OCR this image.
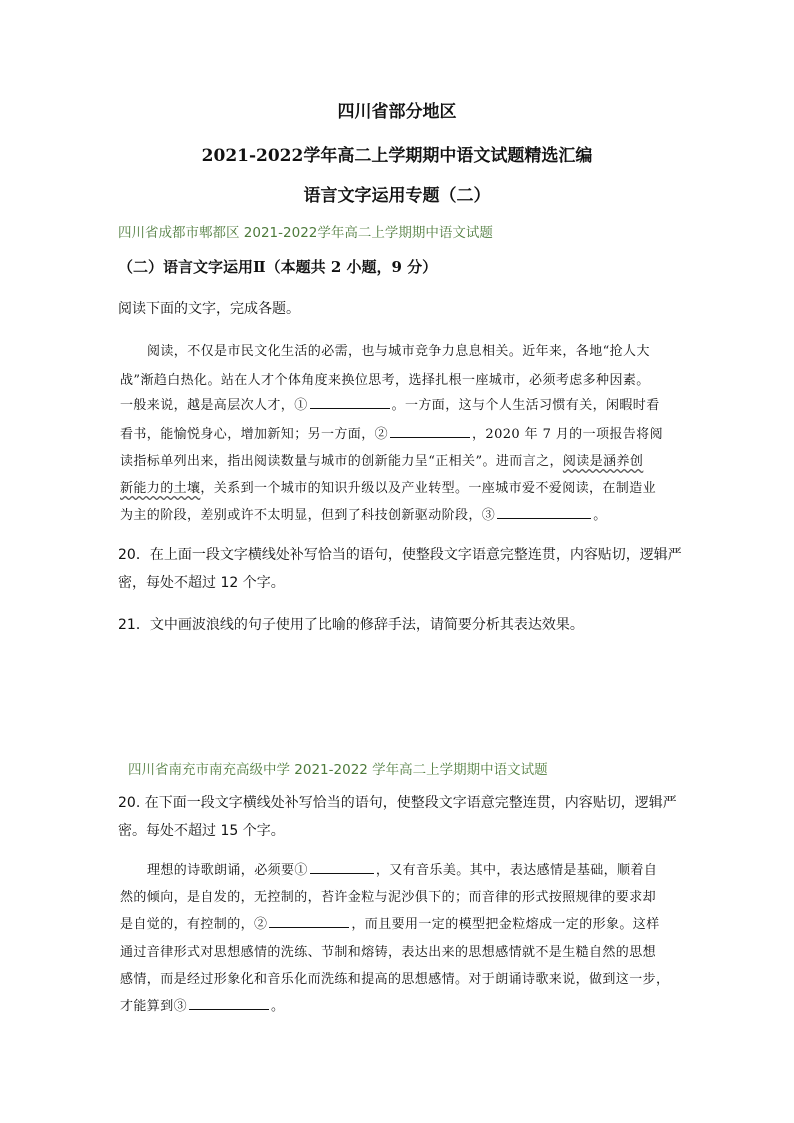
四川省部分地区
2021-2022学年高二上学期期中语文试题精选汇编
语言文字运用专题（二）
四川省成都市郫都区 2021-2022学年高二上学期期中语文试题
（二）语言文字运用Ⅱ（本题共 2 小题，9 分）
阅读下面的文字，完成各题。
阅读，不仅是市民文化生活的必需，也与城市竞争力息息相关。近年来，各地“抢人大
战”渐趋白热化。站在人才个体角度来换位思考，选择扎根一座城市，必须考虑多种因素。
一般来说，越是高层次人才，①	。一方面，这与个人生活习惯有关，闲暇时看
看书，能愉悦身心，增加新知；另一方面，②	，2020 年 7 月的一项报告将阅
读指标单列出来，指出阅读数量与城市的创新能力呈“正相关”。进而言之，阅读是涵养创
新能力的土壤，关系到一个城市的知识升级以及产业转型。一座城市爱不爱阅读，在制造业
为主的阶段，差别或许不太明显，但到了科技创新驱动阶段，③	。
20．在上面一段文字横线处补写恰当的语句，使整段文字语意完整连贯，内容贴切，逻辑严
密，每处不超过 12 个字。
21．文中画波浪线的句子使用了比喻的修辞手法，请简要分析其表达效果。
四川省南充市南充高级中学 2021-2022 学年高二上学期期中语文试题
20. 在下面一段文字横线处补写恰当的语句，使整段文字语意完整连贯，内容贴切，逻辑严
密。每处不超过 15 个字。
理想的诗歌朗诵，必须要①	，又有音乐美。其中，表达感情是基础，顺着自
然的倾向，是自发的，无控制的，苔许金粒与泥沙俱下的；而音律的形式按照规律的要求却
是自觉的，有控制的，②	，而且要用一定的模型把金粒熔成一定的形象。这样
通过音律形式对思想感情的洗练、节制和熔铸，表达出来的思想感情就不是生糙自然的思想
感情，而是经过形象化和音乐化而洗练和提高的思想感情。对于朗诵诗歌来说，做到这一步，
才能算到③	。
